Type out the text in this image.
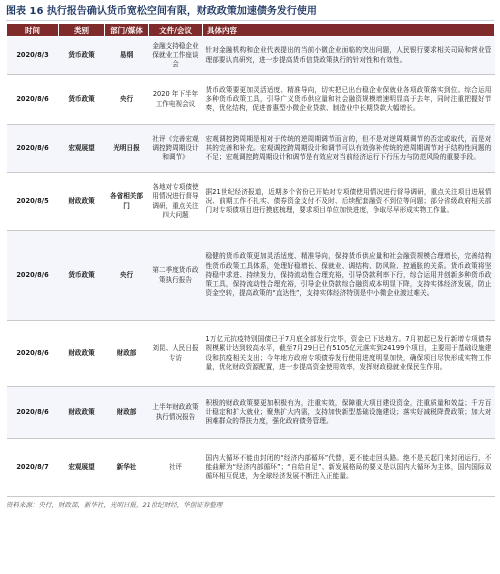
图表 16 执行报告确认货币宽松空间有限，财政政策加速债务发行使用
时间	类别	部门/媒体	文件/会议	具体内容
2020/8/3	货币政策	易纲	金融支持稳企业保就业工作座谈会	针对金融机构和企业代表提出的当前小微企业面临的突出问题，人民银行要求相关司局和营业管理部要认真研究，进一步提高货币信贷政策执行的针对性和有效性。
2020/8/6	货币政策	央行	2020 年下半年工作电视会议	货币政策要更加灵活适度、精准导向，切实把已出台稳企业保就业各项政策落实到位。综合运用多种货币政策工具，引导广义货币供应量和社会融资规模增速明显高于去年，同时注重把握好节奏，优化结构，促进普惠型小微企业贷款、制造业中长期贷款大幅增长。
2020/8/6	宏观展望	光明日报	社评《完善宏观调控跨周期设计和调节》	宏观调控跨周期是相对于传统的逆周期调节而言的，但不是对逆周期调节的否定或取代，而是对其的完善和补充。宏观调控跨周期设计和调节可以有效弥补传统的逆周期调节对于结构性问题的不足；宏观调控跨周期设计和调节是有效应对当前经济运行下行压力与防范风险的重要手段。
2020/8/5	财政政策	各省相关部门	各地对专项债使用情况进行督导调研，重点关注四大问题	据21世纪经济报道，近期多个省份已开始对专项债使用情况进行督导调研，重点关注项目进展情况、前期工作不扎实、债券资金支付不及时、后续配套融资不到位等问题；部分省级政府相关部门对专项债项目进行摸底梳理，要求项目单位加快进度，争取尽早形成实物工作量。
2020/8/6	货币政策	央行	第二季度货币政策执行报告	稳健的货币政策更加灵活适度、精准导向，保持货币供应量和社会融资规模合理增长，完善结构性货币政策工具体系，处理好稳增长、保就业、调结构、防风险、控通胀的关系。货币政策将坚持稳中求进、持续发力，保持流动性合理充裕，引导贷款利率下行，综合运用并创新多种货币政策工具，保持流动性合理充裕，引导企业贷款综合融资成本明显下降，支持实体经济发展，防止资金空转，提高政策的“直达性”，支持实体经济特别是中小微企业渡过难关。
2020/8/6	财政政策	财政部	刘昆、人民日报专访	1万亿元抗疫特别国债已于7月底全部发行完毕，资金已下达地方。7月初起已发行新增专项债券规模累计达到较高水平，截至7月29日已有5105亿元落实到24199个项目，主要用于基础设施建设和抗疫相关支出；今年地方政府专项债券发行使用进度明显加快，确保项目尽快形成实物工作量，优化财政资源配置，进一步提高资金使用效率，发挥财政稳就业保民生作用。
2020/8/6	财政政策	财政部	上半年财政政策执行情况报告	积极的财政政策要更加积极有为，注重实效，保障重大项目建设资金，注重质量和效益；千方百计稳定和扩大就业；聚焦扩大内需，支持加快新型基础设施建设；落实好减税降费政策；加大对困难群众的帮扶力度，强化政府债务管理。
2020/8/7	宏观展望	新华社	社评	国内大循环不能由封闭的“经济内部循环”代替，更不能走回头路。绝不是关起门来封闭运行，不能曲解为“经济内部循环”；“自给自足”、新发展格局的要义是以国内大循环为主体，国内国际双循环相互促进，为全球经济发展不断注入正能量。
资料来源：央行，财政部，新华社，光明日报，21世纪财经，华创证券整理
